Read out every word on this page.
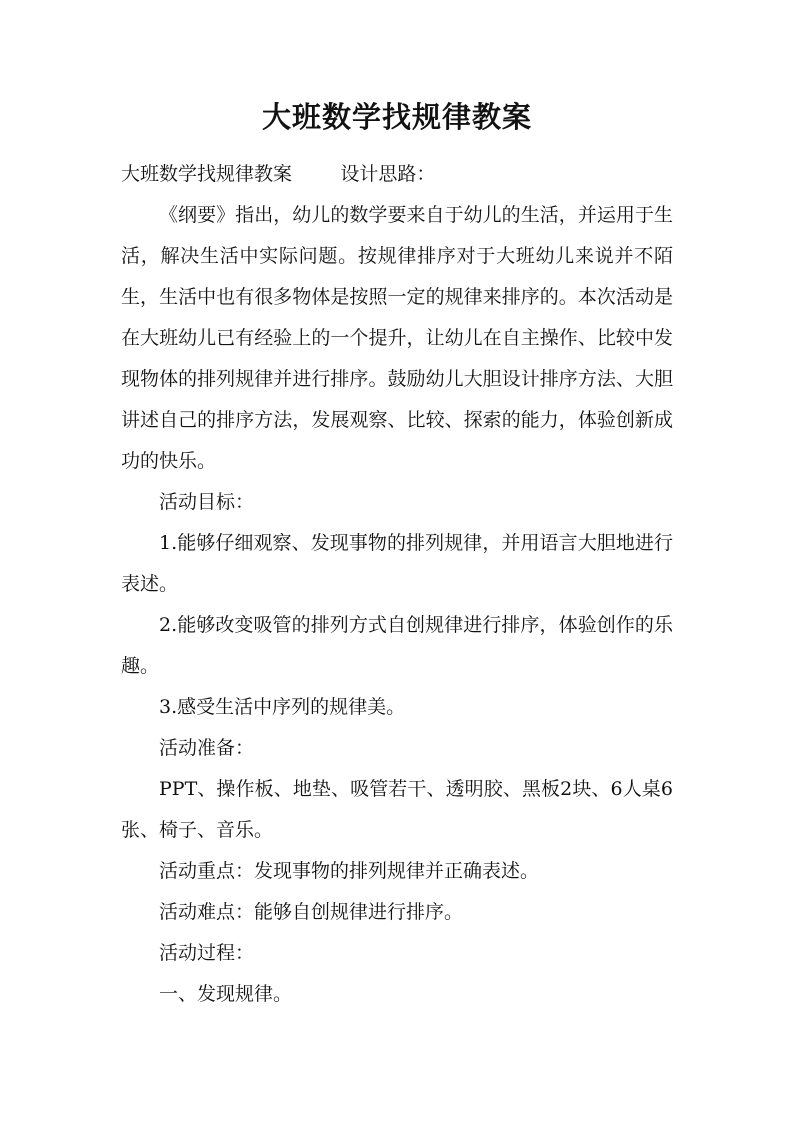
大班数学找规律教案
大班数学找规律教案        设计思路：

《纲要》指出，幼儿的数学要来自于幼儿的生活，并运用于生活，解决生活中实际问题。按规律排序对于大班幼儿来说并不陌生，生活中也有很多物体是按照一定的规律来排序的。本次活动是在大班幼儿已有经验上的一个提升，让幼儿在自主操作、比较中发现物体的排列规律并进行排序。鼓励幼儿大胆设计排序方法、大胆讲述自己的排序方法，发展观察、比较、探索的能力，体验创新成功的快乐。

活动目标：

1.能够仔细观察、发现事物的排列规律，并用语言大胆地进行表述。

2.能够改变吸管的排列方式自创规律进行排序，体验创作的乐趣。

3.感受生活中序列的规律美。

活动准备：

PPT、操作板、地垫、吸管若干、透明胶、黑板2块、6人桌6张、椅子、音乐。

活动重点：发现事物的排列规律并正确表述。

活动难点：能够自创规律进行排序。

活动过程：

一、发现规律。
